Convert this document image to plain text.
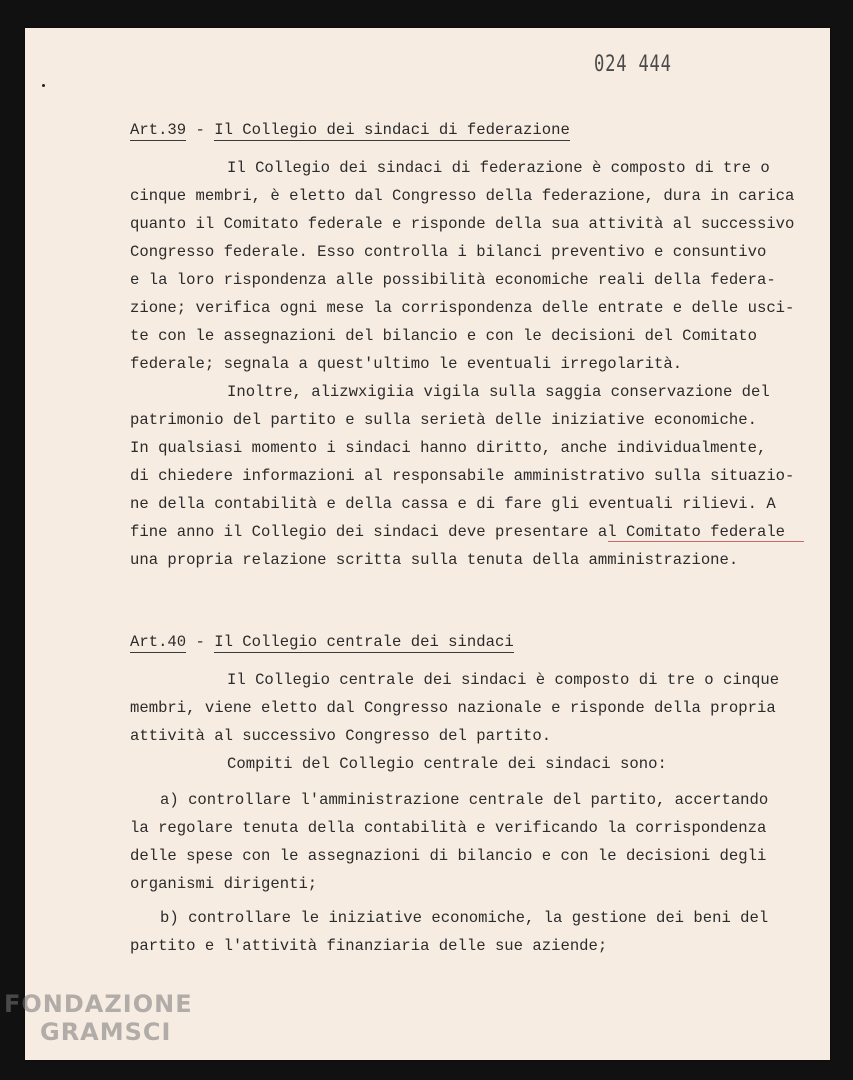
024 444
Art.39 - Il Collegio dei sindaci di federazione
Il Collegio dei sindaci di federazione è composto di tre o
cinque membri, è eletto dal Congresso della federazione, dura in carica
quanto il Comitato federale e risponde della sua attività al successivo
Congresso federale. Esso controlla i bilanci preventivo e consuntivo
e la loro rispondenza alle possibilità economiche reali della federa-
zione; verifica ogni mese la corrispondenza delle entrate e delle usci-
te con le assegnazioni del bilancio e con le decisioni del Comitato
federale; segnala a quest'ultimo le eventuali irregolarità.
Inoltre, alizwxigiia vigila sulla saggia conservazione del
patrimonio del partito e sulla serietà delle iniziative economiche.
In qualsiasi momento i sindaci hanno diritto, anche individualmente,
di chiedere informazioni al responsabile amministrativo sulla situazio-
ne della contabilità e della cassa e di fare gli eventuali rilievi. A
fine anno il Collegio dei sindaci deve presentare al Comitato federale
una propria relazione scritta sulla tenuta della amministrazione.
Art.40 - Il Collegio centrale dei sindaci
Il Collegio centrale dei sindaci è composto di tre o cinque
membri, viene eletto dal Congresso nazionale e risponde della propria
attività al successivo Congresso del partito.
Compiti del Collegio centrale dei sindaci sono:
a) controllare l'amministrazione centrale del partito, accertando
la regolare tenuta della contabilità e verificando la corrispondenza
delle spese con le assegnazioni di bilancio e con le decisioni degli
organismi dirigenti;
b) controllare le iniziative economiche, la gestione dei beni del
partito e l'attività finanziaria delle sue aziende;
FONDAZIONE
GRAMSCI
